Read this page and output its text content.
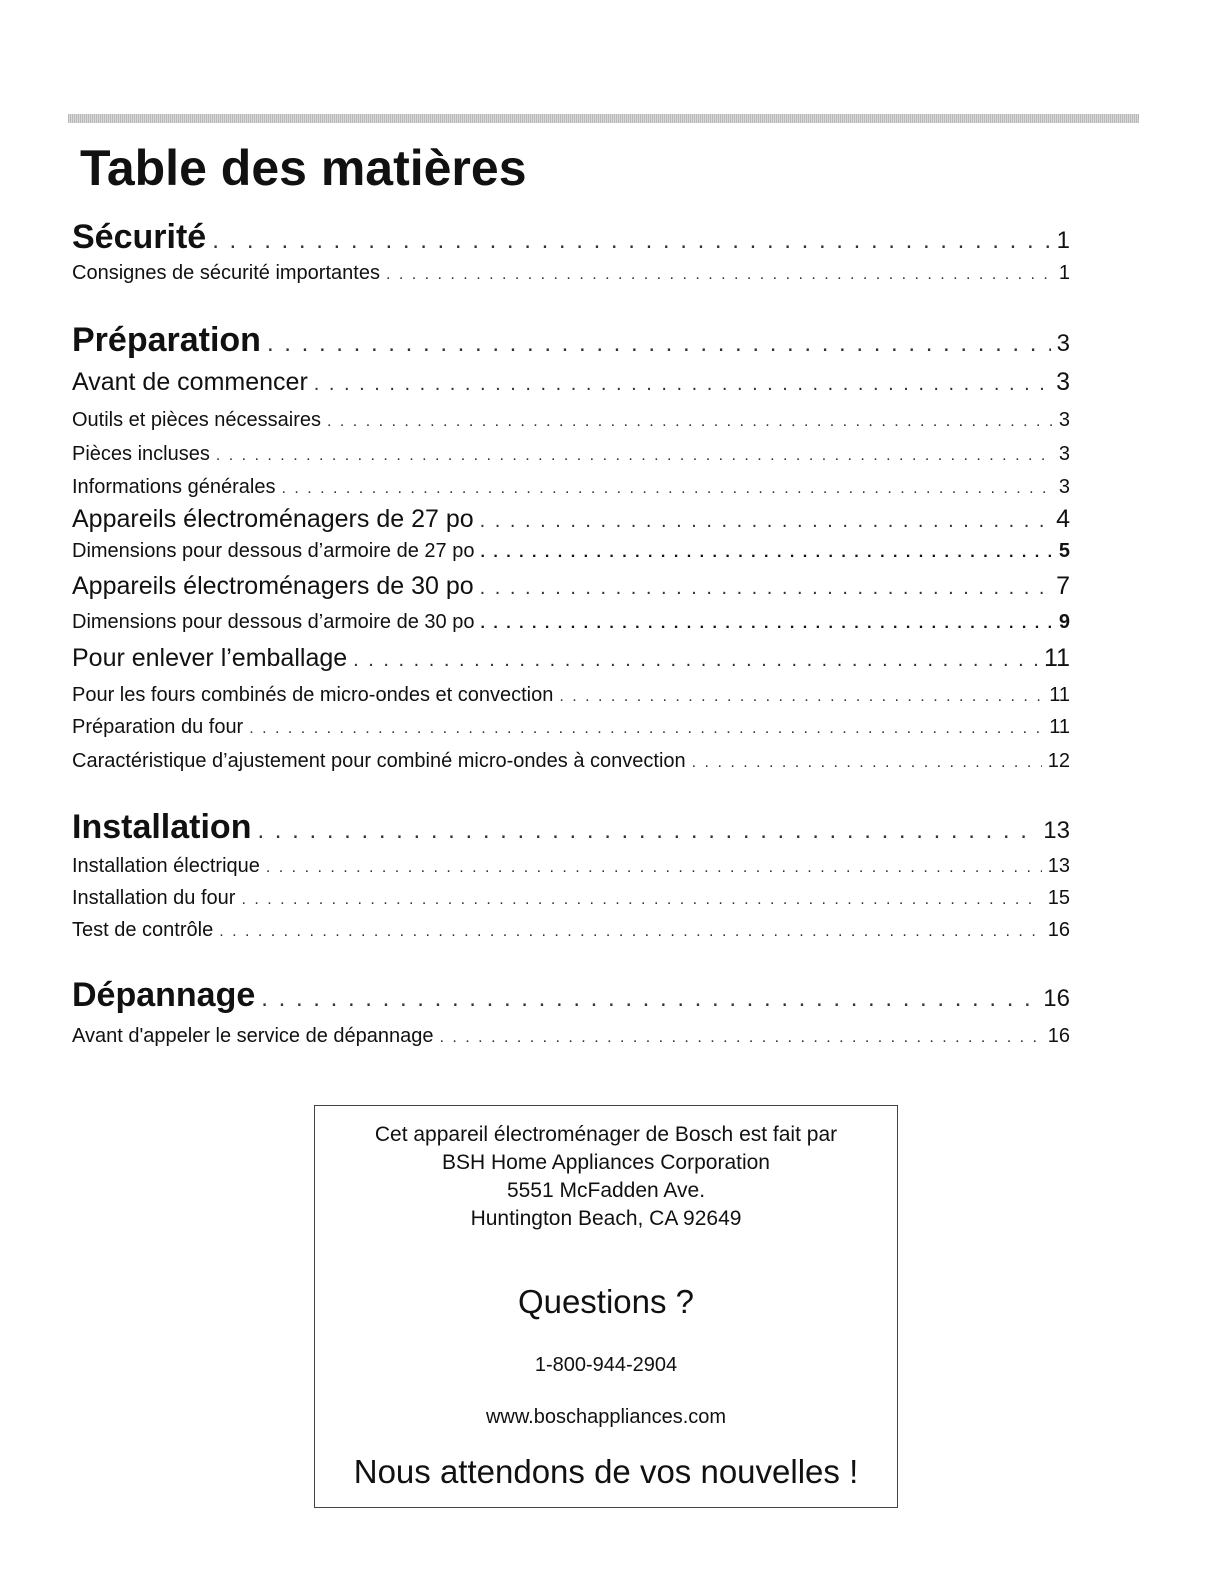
Table des matières
Sécurité . . .	1
Consignes de sécurité importantes . . .	1
Préparation . . .	3
Avant de commencer . . .	3
Outils et pièces nécessaires . . .	3
Pièces incluses . . .	3
Informations générales . . .	3
Appareils électroménagers de 27 po . . .	4
Dimensions pour dessous d’armoire de 27 po . . .	5
Appareils électroménagers de 30 po . . .	7
Dimensions pour dessous d’armoire de 30 po . . .	9
Pour enlever l’emballage . . .	11
Pour les fours combinés de micro-ondes et convection . . .	11
Préparation du four . . .	11
Caractéristique d’ajustement pour combiné micro-ondes à convection . . .	12
Installation . . .	13
Installation électrique . . .	13
Installation du four . . .	15
Test de contrôle . . .	16
Dépannage . . .	16
Avant d'appeler le service de dépannage . . .	16
Cet appareil électroménager de Bosch est fait par
BSH Home Appliances Corporation
5551 McFadden Ave.
Huntington Beach, CA 92649
Questions ?
1-800-944-2904
www.boschappliances.com
Nous attendons de vos nouvelles !
